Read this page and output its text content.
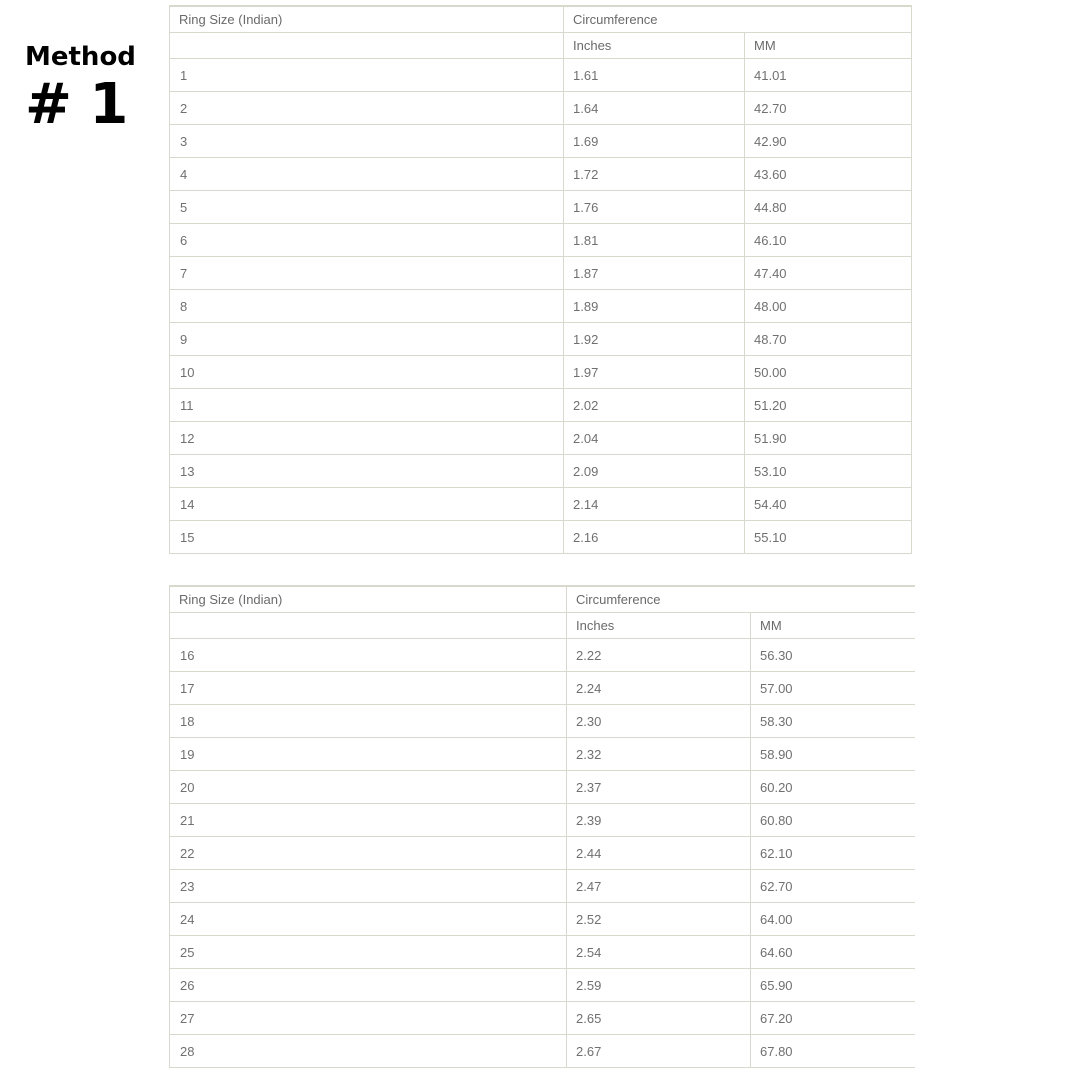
Method
# 1
Ring Size (Indian)	Circumference	
	Inches	MM
1	1.61	41.01
2	1.64	42.70
3	1.69	42.90
4	1.72	43.60
5	1.76	44.80
6	1.81	46.10
7	1.87	47.40
8	1.89	48.00
9	1.92	48.70
10	1.97	50.00
11	2.02	51.20
12	2.04	51.90
13	2.09	53.10
14	2.14	54.40
15	2.16	55.10
Ring Size (Indian)	Circumference	
	Inches	MM
16	2.22	56.30
17	2.24	57.00
18	2.30	58.30
19	2.32	58.90
20	2.37	60.20
21	2.39	60.80
22	2.44	62.10
23	2.47	62.70
24	2.52	64.00
25	2.54	64.60
26	2.59	65.90
27	2.65	67.20
28	2.67	67.80
